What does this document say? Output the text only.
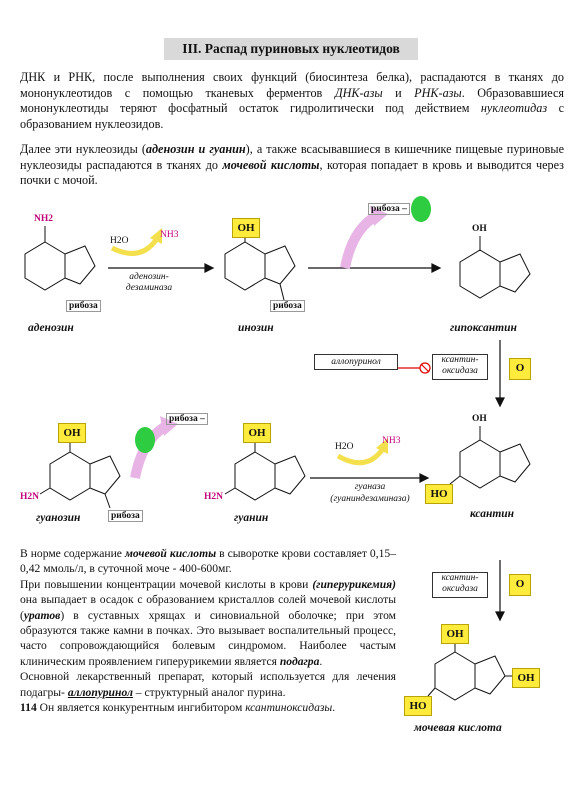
III. Распад пуриновых нуклеотидов
ДНК и РНК, после выполнения своих функций (биосинтеза белка), распадаются в тканях до мононуклеотидов с помощью тканевых ферментов ДНК-азы и РНК-азы. Образовавшиеся мононуклеотиды теряют фосфатный остаток гидролитически под действием нуклеотидаз с образованием нуклеозидов.
Далее эти нуклеозиды (аденозин и гуанин), а также всасывавшиеся в кишечнике пищевые пуриновые нуклеозиды распадаются в тканях до мочевой кислоты, которая попадает в кровь и выводится через почки с мочой.
OH
OH	OH
HO
OH
OH
HO
O
O
NH2
OH
OH
H2N	H2N
H2O
NH3
H2O
NH3
рибоза	рибоза
рибоза
рибоза –
рибоза –
аденозин-дезаминаза
гуаназа
(гуаниндезаминаза)
аллопуринол	ксантин-оксидаза
ксантин-оксидаза
аденозин	инозин	гипоксантин
гуанозин	гуанин	ксантин
мочевая кислота
В норме содержание мочевой кислоты в сыворотке крови составляет 0,15–0,42 ммоль/л, в суточной моче - 400-600мг.
При повышении концентрации мочевой кислоты в крови (гиперурикемия) она выпадает в осадок с образованием кристаллов солей мочевой кислоты (уратов) в суставных хрящах и синовиальной оболочке; при этом образуются также камни в почках. Это вызывает воспалительный процесс, часто сопровождающийся болевым синдромом. Наиболее частым клиническим проявлением гиперурикемии является подагра.
Основной лекарственный препарат, который используется для лечения подагры- аллопуринол – структурный аналог пурина.
114 Он является конкурентным ингибитором ксантиноксидазы.
